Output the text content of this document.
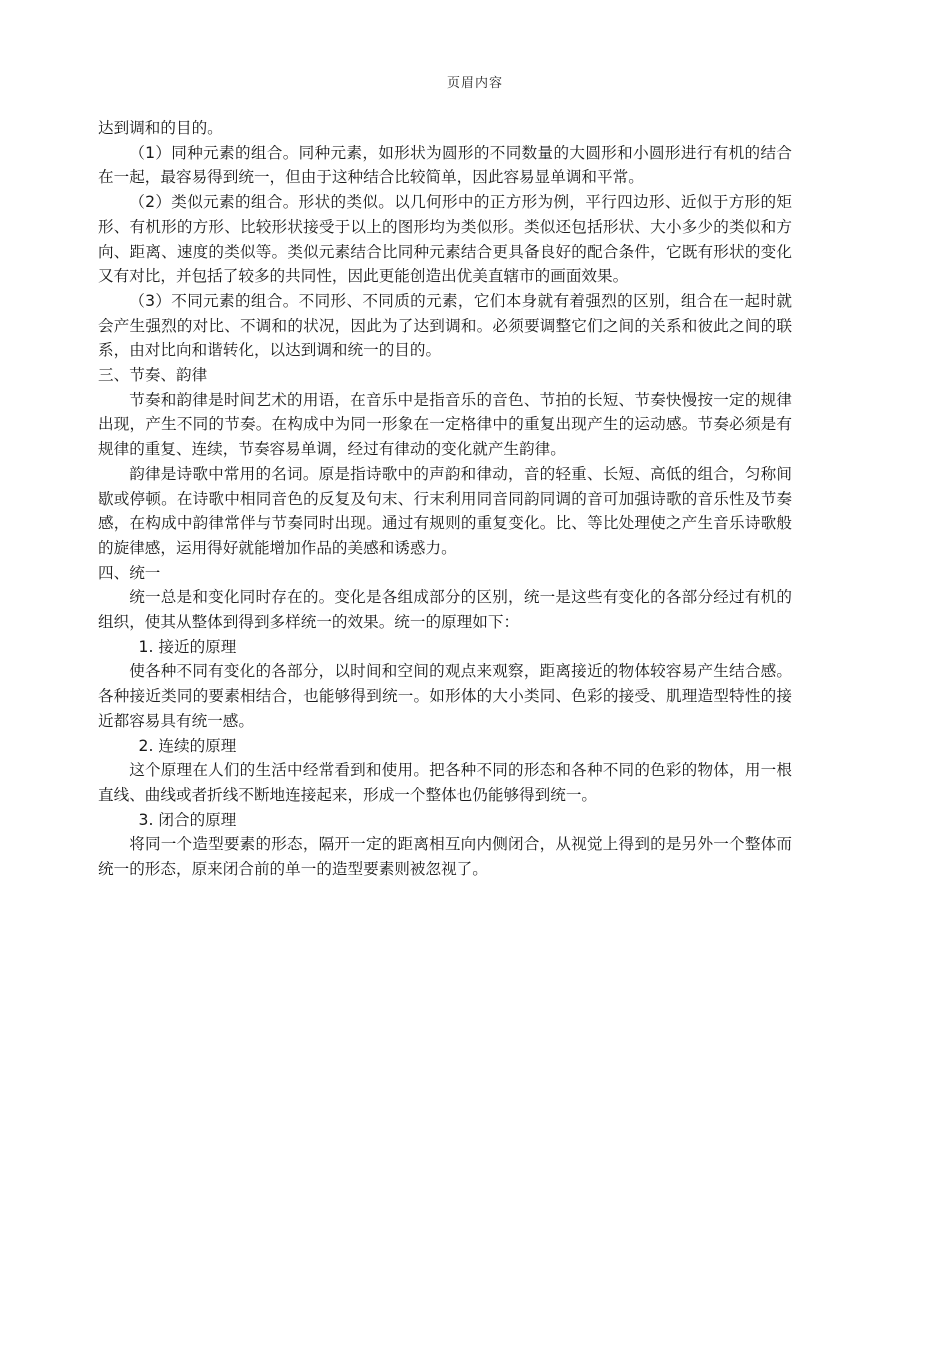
页眉内容

达到调和的目的。

（1）同种元素的组合。同种元素，如形状为圆形的不同数量的大圆形和小圆形进行有机的结合在一起，最容易得到统一，但由于这种结合比较简单，因此容易显单调和平常。

（2）类似元素的组合。形状的类似。以几何形中的正方形为例，平行四边形、近似于方形的矩形、有机形的方形、比较形状接受于以上的图形均为类似形。类似还包括形状、大小多少的类似和方向、距离、速度的类似等。类似元素结合比同种元素结合更具备良好的配合条件，它既有形状的变化又有对比，并包括了较多的共同性，因此更能创造出优美直辖市的画面效果。

（3）不同元素的组合。不同形、不同质的元素，它们本身就有着强烈的区别，组合在一起时就会产生强烈的对比、不调和的状况，因此为了达到调和。必须要调整它们之间的关系和彼此之间的联系，由对比向和谐转化，以达到调和统一的目的。

三、节奏、韵律

节奏和韵律是时间艺术的用语，在音乐中是指音乐的音色、节拍的长短、节奏快慢按一定的规律出现，产生不同的节奏。在构成中为同一形象在一定格律中的重复出现产生的运动感。节奏必须是有规律的重复、连续，节奏容易单调，经过有律动的变化就产生韵律。

韵律是诗歌中常用的名词。原是指诗歌中的声韵和律动，音的轻重、长短、高低的组合，匀称间歇或停顿。在诗歌中相同音色的反复及句末、行末利用同音同韵同调的音可加强诗歌的音乐性及节奏感，在构成中韵律常伴与节奏同时出现。通过有规则的重复变化。比、等比处理使之产生音乐诗歌般的旋律感，运用得好就能增加作品的美感和诱惑力。

四、统一

统一总是和变化同时存在的。变化是各组成部分的区别，统一是这些有变化的各部分经过有机的组织，使其从整体到得到多样统一的效果。统一的原理如下：

1. 接近的原理

使各种不同有变化的各部分，以时间和空间的观点来观察，距离接近的物体较容易产生结合感。各种接近类同的要素相结合，也能够得到统一。如形体的大小类同、色彩的接受、肌理造型特性的接近都容易具有统一感。

2. 连续的原理

这个原理在人们的生活中经常看到和使用。把各种不同的形态和各种不同的色彩的物体，用一根直线、曲线或者折线不断地连接起来，形成一个整体也仍能够得到统一。

3. 闭合的原理

将同一个造型要素的形态，隔开一定的距离相互向内侧闭合，从视觉上得到的是另外一个整体而统一的形态，原来闭合前的单一的造型要素则被忽视了。
